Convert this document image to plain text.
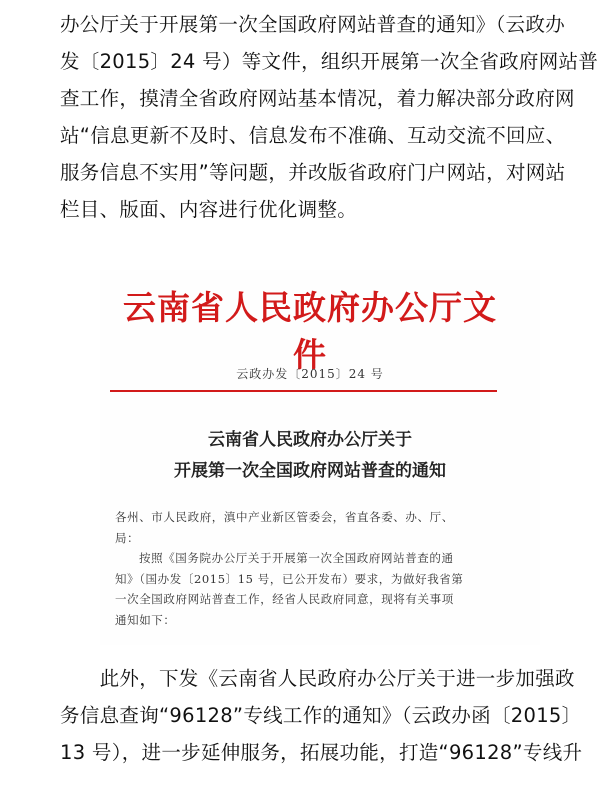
办公厅关于开展第一次全国政府网站普查的通知》（云政办
发〔2015〕24 号）等文件，组织开展第一次全省政府网站普
查工作，摸清全省政府网站基本情况，着力解决部分政府网
站“信息更新不及时、信息发布不准确、互动交流不回应、
服务信息不实用”等问题，并改版省政府门户网站，对网站
栏目、版面、内容进行优化调整。
云南省人民政府办公厅文件
云政办发〔2015〕24 号
云南省人民政府办公厅关于
开展第一次全国政府网站普查的通知
各州、市人民政府，滇中产业新区管委会，省直各委、办、厅、
局：
按照《国务院办公厅关于开展第一次全国政府网站普查的通
知》（国办发〔2015〕15 号，已公开发布）要求，为做好我省第
一次全国政府网站普查工作，经省人民政府同意，现将有关事项
通知如下：
　　此外，下发《云南省人民政府办公厅关于进一步加强政
务信息查询“96128”专线工作的通知》（云政办函〔2015〕
13 号），进一步延伸服务，拓展功能，打造“96128”专线升
